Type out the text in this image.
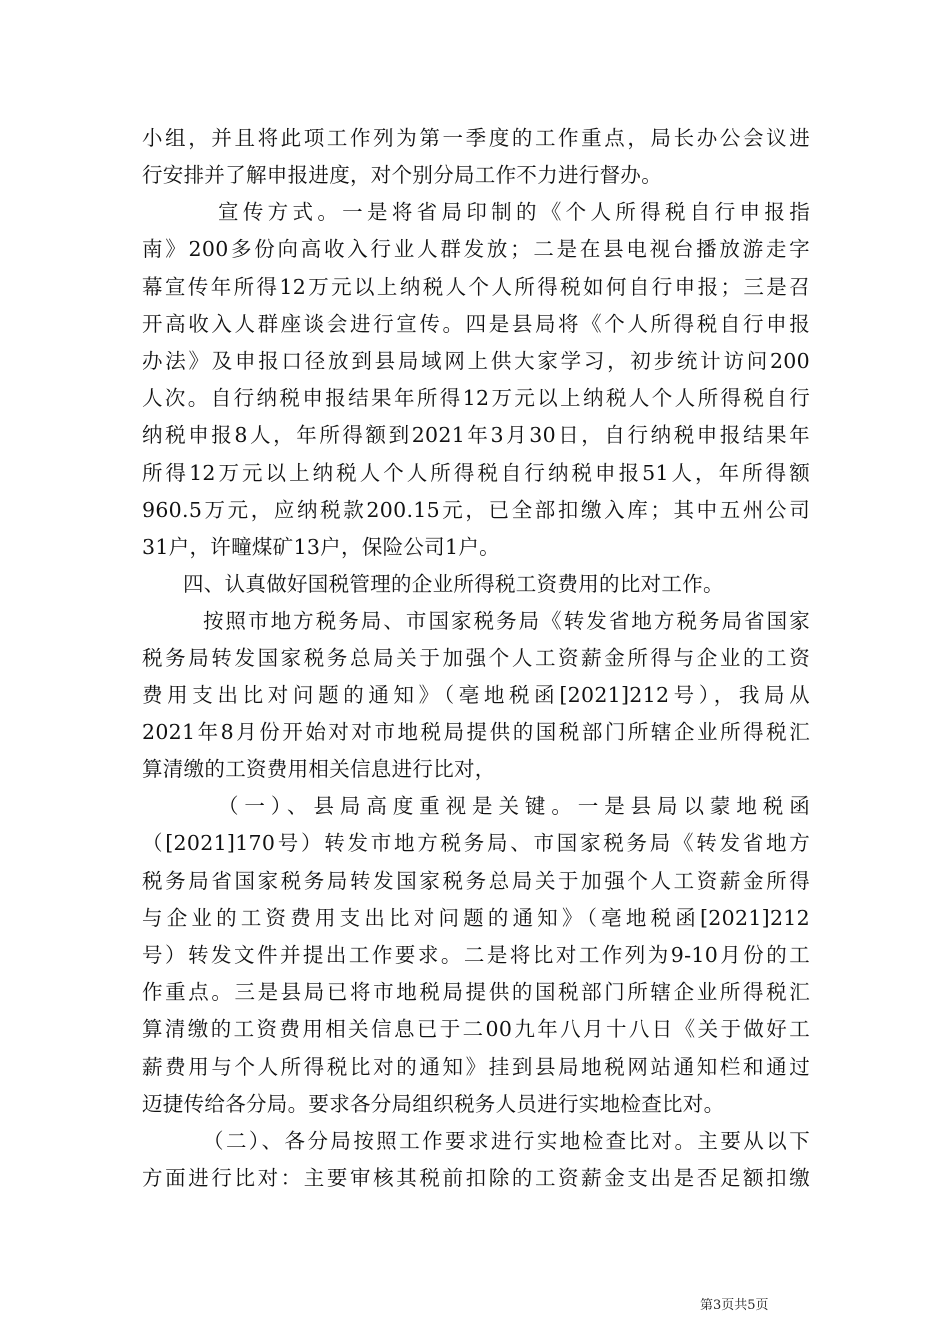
小组，并且将此项工作列为第一季度的工作重点，局长办公会议进
行安排并了解申报进度，对个别分局工作不力进行督办。
宣传方式。一是将省局印制的《个人所得税自行申报指
南》200多份向高收入行业人群发放；二是在县电视台播放游走字
幕宣传年所得12万元以上纳税人个人所得税如何自行申报；三是召
开高收入人群座谈会进行宣传。四是县局将《个人所得税自行申报
办法》及申报口径放到县局域网上供大家学习，初步统计访问200
人次。自行纳税申报结果年所得12万元以上纳税人个人所得税自行
纳税申报8人，年所得额到2021年3月30日，自行纳税申报结果年
所得12万元以上纳税人个人所得税自行纳税申报51人，年所得额
960.5万元，应纳税款200.15元，已全部扣缴入库；其中五州公司
31户，许疃煤矿13户，保险公司1户。
四、认真做好国税管理的企业所得税工资费用的比对工作。
按照市地方税务局、市国家税务局《转发省地方税务局省国家
税务局转发国家税务总局关于加强个人工资薪金所得与企业的工资
费用支出比对问题的通知》（亳地税函[2021]212号），我局从
2021年8月份开始对对市地税局提供的国税部门所辖企业所得税汇
算清缴的工资费用相关信息进行比对，
（一）、县局高度重视是关键。一是县局以蒙地税函
（[2021]170号）转发市地方税务局、市国家税务局《转发省地方
税务局省国家税务局转发国家税务总局关于加强个人工资薪金所得
与企业的工资费用支出比对问题的通知》（亳地税函[2021]212
号）转发文件并提出工作要求。二是将比对工作列为9-10月份的工
作重点。三是县局已将市地税局提供的国税部门所辖企业所得税汇
算清缴的工资费用相关信息已于二00九年八月十八日《关于做好工
薪费用与个人所得税比对的通知》挂到县局地税网站通知栏和通过
迈捷传给各分局。要求各分局组织税务人员进行实地检查比对。
（二）、各分局按照工作要求进行实地检查比对。主要从以下
方面进行比对：主要审核其税前扣除的工资薪金支出是否足额扣缴
第3页共5页
